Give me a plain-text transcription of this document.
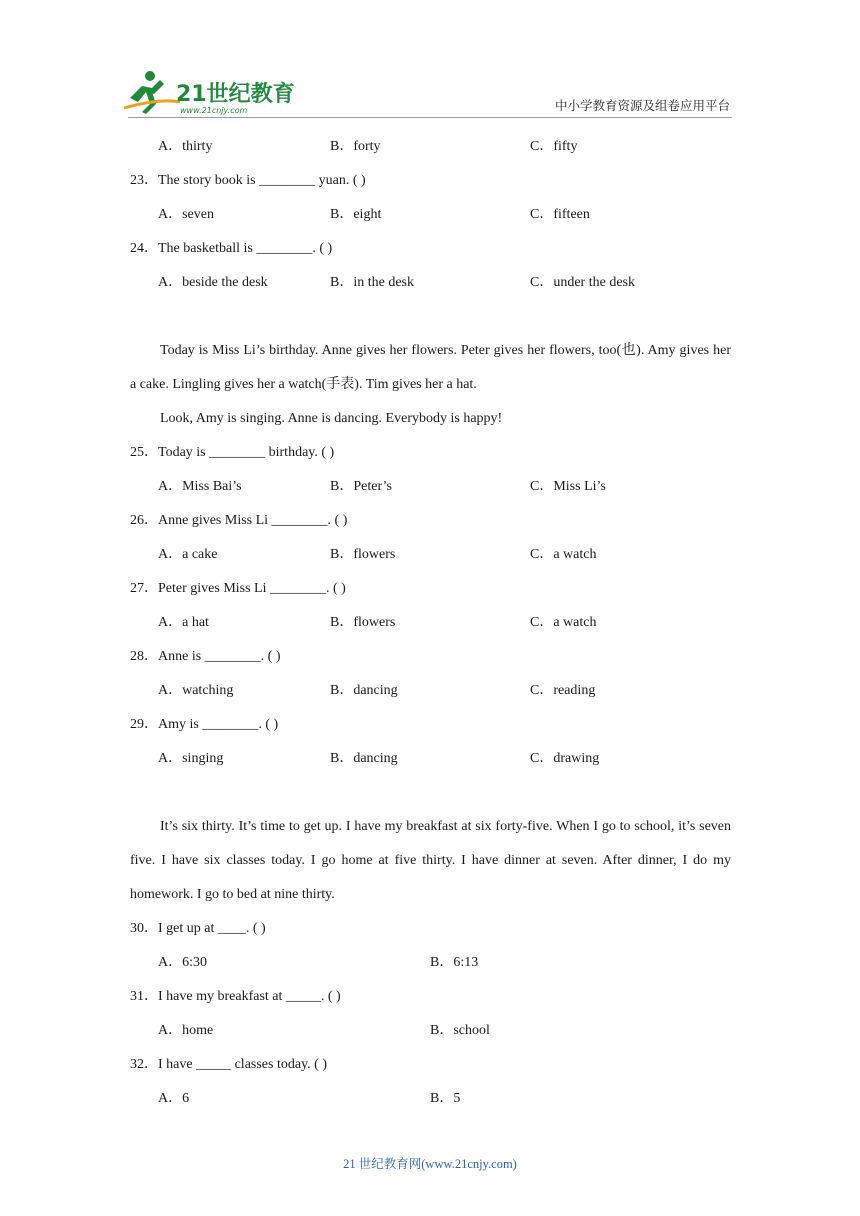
21世纪教育
www.21cnjy.com	中小学教育资源及组卷应用平台
A．thirty	B．forty	C．fifty
23．The story book is ________ yuan. ( )
A．seven	B．eight	C．fifteen
24．The basketball is ________. ( )
A．beside the desk	B．in the desk	C．under the desk

Today is Miss Li’s birthday. Anne gives her flowers. Peter gives her flowers, too(也). Amy gives her a cake. Lingling gives her a watch(手表). Tim gives her a hat.

Look, Amy is singing. Anne is dancing. Everybody is happy!

25．Today is ________ birthday. ( )
A．Miss Bai’s	B．Peter’s	C．Miss Li’s
26．Anne gives Miss Li ________. ( )
A．a cake	B．flowers	C．a watch
27．Peter gives Miss Li ________. ( )
A．a hat	B．flowers	C．a watch
28．Anne is ________. ( )
A．watching	B．dancing	C．reading
29．Amy is ________. ( )
A．singing	B．dancing	C．drawing

It’s six thirty. It’s time to get up. I have my breakfast at six forty-five. When I go to school, it’s seven five. I have six classes today. I go home at five thirty. I have dinner at seven. After dinner, I do my homework. I go to bed at nine thirty.

30．I get up at ____. ( )
A．6:30	B．6:13
31．I have my breakfast at _____. ( )
A．home	B．school
32．I have _____ classes today. ( )
A．6	B．5
21 世纪教育网(www.21cnjy.com)
